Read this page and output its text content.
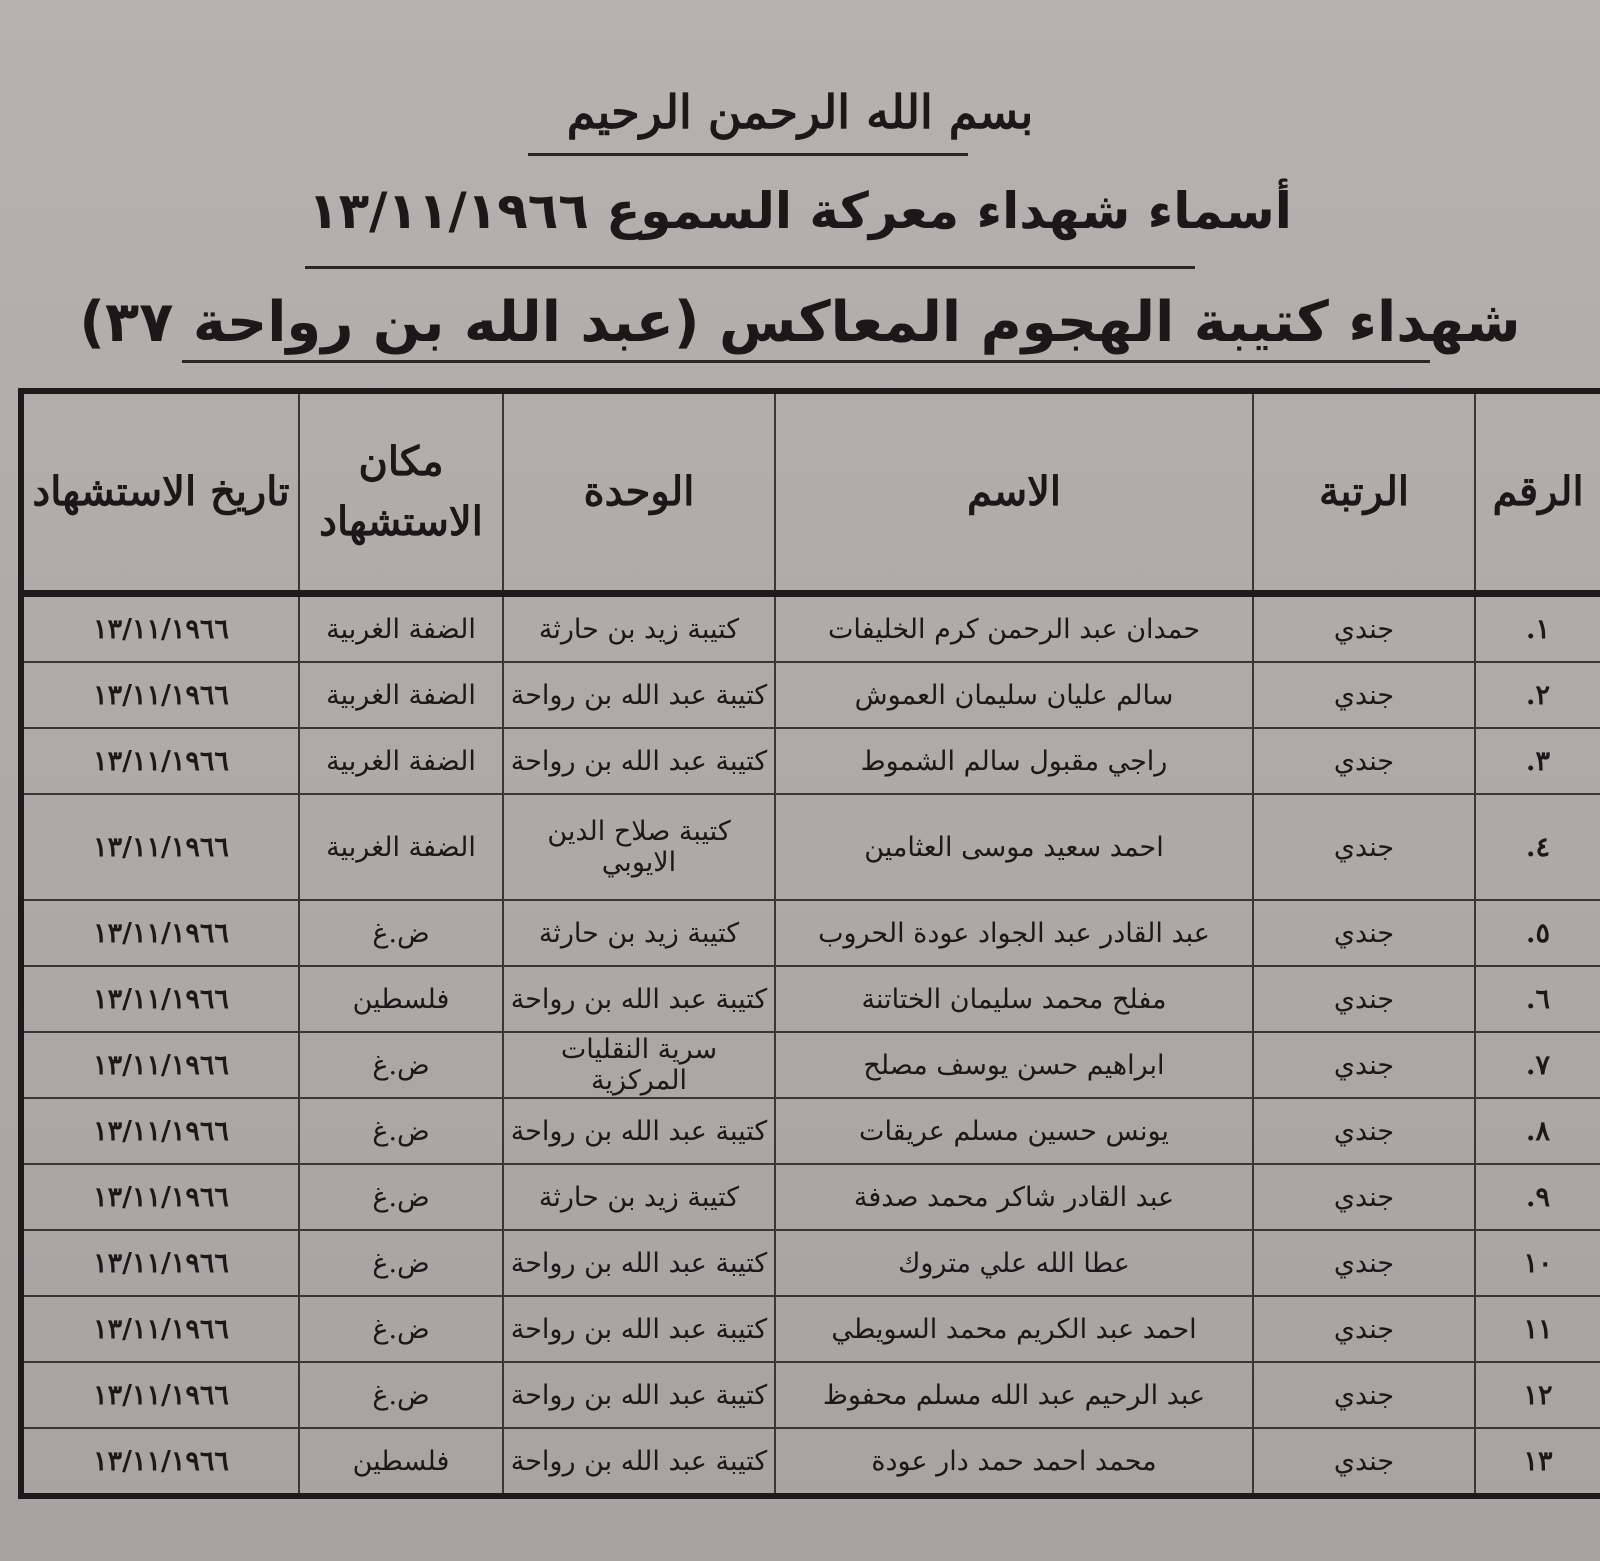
بسم الله الرحمن الرحيم
أسماء شهداء معركة السموع ١٣/١١/١٩٦٦
شهداء كتيبة الهجوم المعاكس (عبد الله بن رواحة ٣٧)
الرقم	الرتبة	الاسم	الوحدة	مكان الاستشهاد	تاريخ الاستشهاد
١.	جندي	حمدان عبد الرحمن كرم الخليفات	كتيبة زيد بن حارثة	الضفة الغربية	١٣/١١/١٩٦٦
٢.	جندي	سالم عليان سليمان العموش	كتيبة عبد الله بن رواحة	الضفة الغربية	١٣/١١/١٩٦٦
٣.	جندي	راجي مقبول سالم الشموط	كتيبة عبد الله بن رواحة	الضفة الغربية	١٣/١١/١٩٦٦
٤.	جندي	احمد سعيد موسى العثامين	كتيبة صلاح الدين الايوبي	الضفة الغربية	١٣/١١/١٩٦٦
٥.	جندي	عبد القادر عبد الجواد عودة الحروب	كتيبة زيد بن حارثة	ض.غ	١٣/١١/١٩٦٦
٦.	جندي	مفلح محمد سليمان الختاتنة	كتيبة عبد الله بن رواحة	فلسطين	١٣/١١/١٩٦٦
٧.	جندي	ابراهيم حسن يوسف مصلح	سرية النقليات المركزية	ض.غ	١٣/١١/١٩٦٦
٨.	جندي	يونس حسين مسلم عريقات	كتيبة عبد الله بن رواحة	ض.غ	١٣/١١/١٩٦٦
٩.	جندي	عبد القادر شاكر محمد صدفة	كتيبة زيد بن حارثة	ض.غ	١٣/١١/١٩٦٦
١٠	جندي	عطا الله علي متروك	كتيبة عبد الله بن رواحة	ض.غ	١٣/١١/١٩٦٦
١١	جندي	احمد عبد الكريم محمد السويطي	كتيبة عبد الله بن رواحة	ض.غ	١٣/١١/١٩٦٦
١٢	جندي	عبد الرحيم عبد الله مسلم محفوظ	كتيبة عبد الله بن رواحة	ض.غ	١٣/١١/١٩٦٦
١٣	جندي	محمد احمد حمد دار عودة	كتيبة عبد الله بن رواحة	فلسطين	١٣/١١/١٩٦٦
